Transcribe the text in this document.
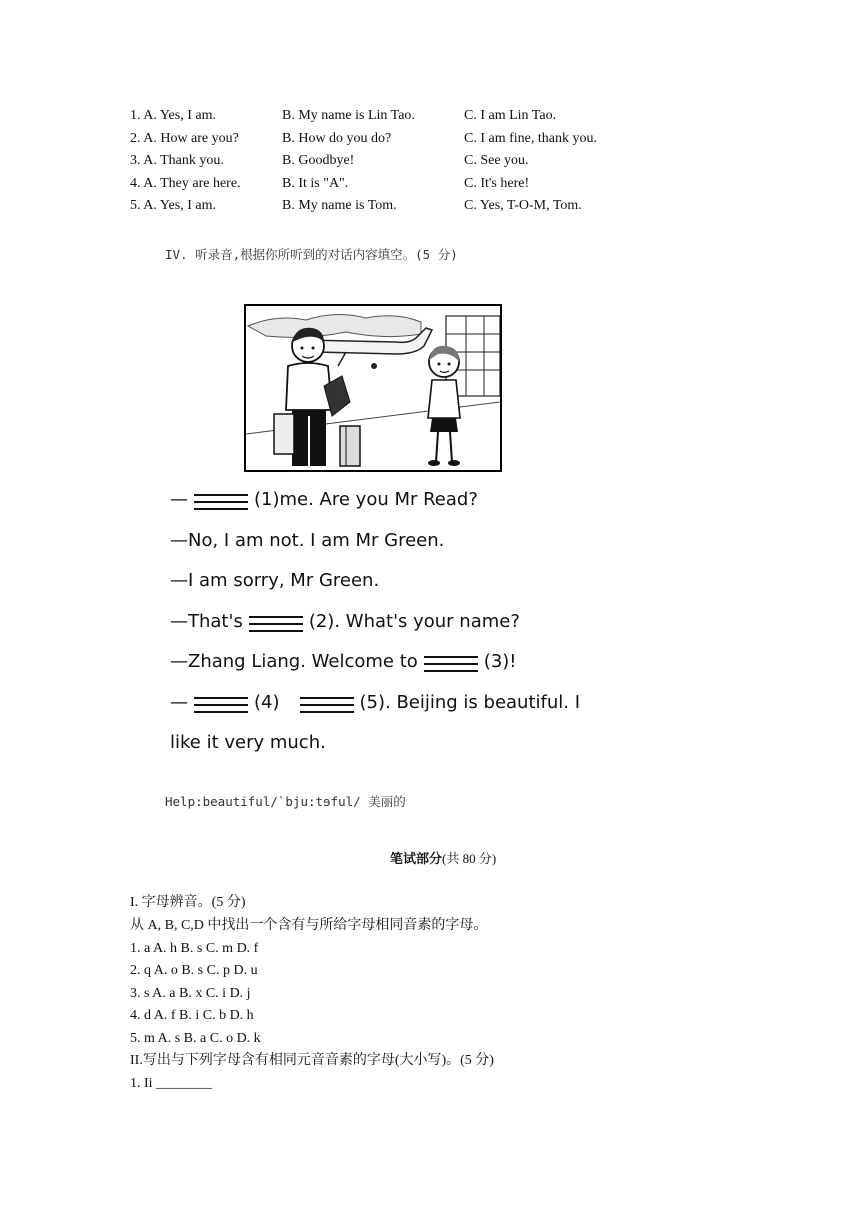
1. A. Yes, I am.	B. My name is Lin Tao.	C. I am Lin Tao.
2. A. How are you?	B. How do you do?	C. I am fine, thank you.
3. A. Thank you.	B. Goodbye!	C. See you.
4. A. They are here.	B. It is "A".	C. It's here!
5. A. Yes, I am.	B. My name is Tom.	C. Yes, T-O-M, Tom.
IV. 听录音,根据你所听到的对话内容填空。(5 分)
—	(1)me. Are you Mr Read?
—No, I am not. I am Mr Green.
—I am sorry, Mr Green.
—That's	(2). What's your name?
—Zhang Liang. Welcome to	(3)!
—	(4)	(5). Beijing is beautiful. I
like it very much.
Help:beautiful/`bju:tɘful/ 美丽的
笔试部分(共 80 分)
I. 字母辨音。(5 分)
从 A, B, C,D 中找出一个含有与所给字母相同音素的字母。
1. a A. h B. s C. m D. f
2. q A. o B. s C. p D. u
3. s A. a B. x C. i D. j
4. d A. f B. i C. b D. h
5. m A. s B. a C. o D. k
II.写出与下列字母含有相同元音音素的字母(大小写)。(5 分)
1. Ii ________
